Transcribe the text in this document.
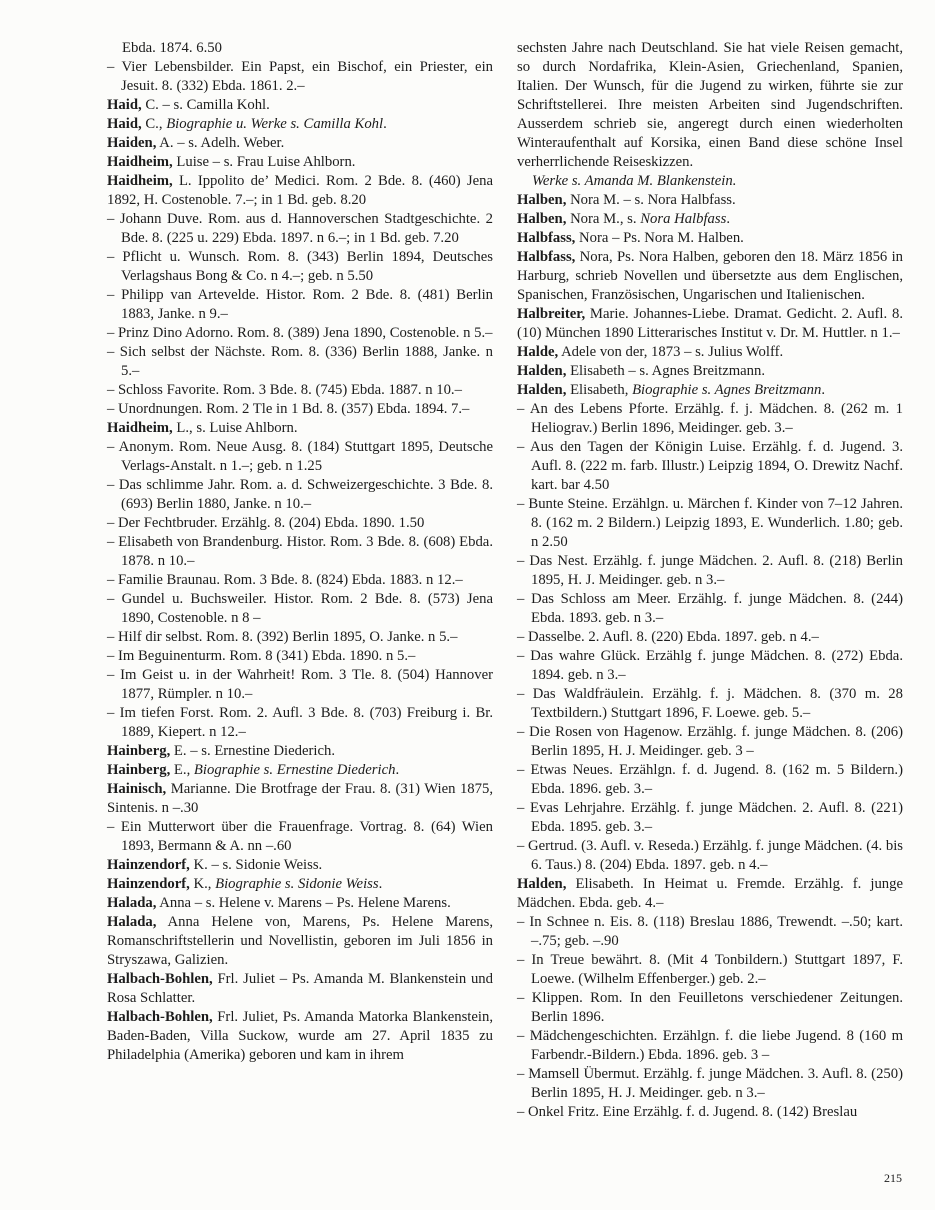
Ebda. 1874. 6.50
– Vier Lebensbilder. Ein Papst, ein Bischof, ein Priester, ein Jesuit. 8. (332) Ebda. 1861. 2.–
Haid, C. – s. Camilla Kohl.
Haid, C., Biographie u. Werke s. Camilla Kohl.
Haiden, A. – s. Adelh. Weber.
Haidheim, Luise – s. Frau Luise Ahlborn.
Haidheim, L. Ippolito de’ Medici. Rom. 2 Bde. 8. (460) Jena 1892, H. Costenoble. 7.–; in 1 Bd. geb. 8.20
– Johann Duve. Rom. aus d. Hannoverschen Stadtgeschichte. 2 Bde. 8. (225 u. 229) Ebda. 1897. n 6.–; in 1 Bd. geb. 7.20
– Pflicht u. Wunsch. Rom. 8. (343) Berlin 1894, Deutsches Verlagshaus Bong & Co. n 4.–; geb. n 5.50
– Philipp van Artevelde. Histor. Rom. 2 Bde. 8. (481) Berlin 1883, Janke. n 9.–
– Prinz Dino Adorno. Rom. 8. (389) Jena 1890, Costenoble. n 5.–
– Sich selbst der Nächste. Rom. 8. (336) Berlin 1888, Janke. n 5.–
– Schloss Favorite. Rom. 3 Bde. 8. (745) Ebda. 1887. n 10.–
– Unordnungen. Rom. 2 Tle in 1 Bd. 8. (357) Ebda. 1894. 7.–
Haidheim, L., s. Luise Ahlborn.
– Anonym. Rom. Neue Ausg. 8. (184) Stuttgart 1895, Deutsche Verlags-Anstalt. n 1.–; geb. n 1.25
– Das schlimme Jahr. Rom. a. d. Schweizergeschichte. 3 Bde. 8. (693) Berlin 1880, Janke. n 10.–
– Der Fechtbruder. Erzählg. 8. (204) Ebda. 1890. 1.50
– Elisabeth von Brandenburg. Histor. Rom. 3 Bde. 8. (608) Ebda. 1878. n 10.–
– Familie Braunau. Rom. 3 Bde. 8. (824) Ebda. 1883. n 12.–
– Gundel u. Buchsweiler. Histor. Rom. 2 Bde. 8. (573) Jena 1890, Costenoble. n 8 –
– Hilf dir selbst. Rom. 8. (392) Berlin 1895, O. Janke. n 5.–
– Im Beguinenturm. Rom. 8 (341) Ebda. 1890. n 5.–
– Im Geist u. in der Wahrheit! Rom. 3 Tle. 8. (504) Hannover 1877, Rümpler. n 10.–
– Im tiefen Forst. Rom. 2. Aufl. 3 Bde. 8. (703) Freiburg i. Br. 1889, Kiepert. n 12.–
Hainberg, E. – s. Ernestine Diederich.
Hainberg, E., Biographie s. Ernestine Diederich.
Hainisch, Marianne. Die Brotfrage der Frau. 8. (31) Wien 1875, Sintenis. n –.30
– Ein Mutterwort über die Frauenfrage. Vortrag. 8. (64) Wien 1893, Bermann & A. nn –.60
Hainzendorf, K. – s. Sidonie Weiss.
Hainzendorf, K., Biographie s. Sidonie Weiss.
Halada, Anna – s. Helene v. Marens – Ps. Helene Marens.
Halada, Anna Helene von, Marens, Ps. Helene Marens, Romanschriftstellerin und Novellistin, geboren im Juli 1856 in Stryszawa, Galizien.
Halbach-Bohlen, Frl. Juliet – Ps. Amanda M. Blankenstein und Rosa Schlatter.
Halbach-Bohlen, Frl. Juliet, Ps. Amanda Matorka Blankenstein, Baden-Baden, Villa Suckow, wurde am 27. April 1835 zu Philadelphia (Amerika) geboren und kam in ihrem
sechsten Jahre nach Deutschland. Sie hat viele Reisen gemacht, so durch Nordafrika, Klein-Asien, Griechenland, Spanien, Italien. Der Wunsch, für die Jugend zu wirken, führte sie zur Schriftstellerei. Ihre meisten Arbeiten sind Jugendschriften. Ausserdem schrieb sie, angeregt durch einen wiederholten Winteraufenthalt auf Korsika, einen Band diese schöne Insel verherrlichende Reiseskizzen.
Werke s. Amanda M. Blankenstein.
Halben, Nora M. – s. Nora Halbfass.
Halben, Nora M., s. Nora Halbfass.
Halbfass, Nora – Ps. Nora M. Halben.
Halbfass, Nora, Ps. Nora Halben, geboren den 18. März 1856 in Harburg, schrieb Novellen und übersetzte aus dem Englischen, Spanischen, Französischen, Ungarischen und Italienischen.
Halbreiter, Marie. Johannes-Liebe. Dramat. Gedicht. 2. Aufl. 8. (10) München 1890 Litterarisches Institut v. Dr. M. Huttler. n 1.–
Halde, Adele von der, 1873 – s. Julius Wolff.
Halden, Elisabeth – s. Agnes Breitzmann.
Halden, Elisabeth, Biographie s. Agnes Breitzmann.
– An des Lebens Pforte. Erzählg. f. j. Mädchen. 8. (262 m. 1 Heliograv.) Berlin 1896, Meidinger. geb. 3.–
– Aus den Tagen der Königin Luise. Erzählg. f. d. Jugend. 3. Aufl. 8. (222 m. farb. Illustr.) Leipzig 1894, O. Drewitz Nachf. kart. bar 4.50
– Bunte Steine. Erzählgn. u. Märchen f. Kinder von 7–12 Jahren. 8. (162 m. 2 Bildern.) Leipzig 1893, E. Wunderlich. 1.80; geb. n 2.50
– Das Nest. Erzählg. f. junge Mädchen. 2. Aufl. 8. (218) Berlin 1895, H. J. Meidinger. geb. n 3.–
– Das Schloss am Meer. Erzählg. f. junge Mädchen. 8. (244) Ebda. 1893. geb. n 3.–
– Dasselbe. 2. Aufl. 8. (220) Ebda. 1897. geb. n 4.–
– Das wahre Glück. Erzählg f. junge Mädchen. 8. (272) Ebda. 1894. geb. n 3.–
– Das Waldfräulein. Erzählg. f. j. Mädchen. 8. (370 m. 28 Textbildern.) Stuttgart 1896, F. Loewe. geb. 5.–
– Die Rosen von Hagenow. Erzählg. f. junge Mädchen. 8. (206) Berlin 1895, H. J. Meidinger. geb. 3 –
– Etwas Neues. Erzählgn. f. d. Jugend. 8. (162 m. 5 Bildern.) Ebda. 1896. geb. 3.–
– Evas Lehrjahre. Erzählg. f. junge Mädchen. 2. Aufl. 8. (221) Ebda. 1895. geb. 3.–
– Gertrud. (3. Aufl. v. Reseda.) Erzählg. f. junge Mädchen. (4. bis 6. Taus.) 8. (204) Ebda. 1897. geb. n 4.–
Halden, Elisabeth. In Heimat u. Fremde. Erzählg. f. junge Mädchen. Ebda. geb. 4.–
– In Schnee n. Eis. 8. (118) Breslau 1886, Trewendt. –.50; kart. –.75; geb. –.90
– In Treue bewährt. 8. (Mit 4 Tonbildern.) Stuttgart 1897, F. Loewe. (Wilhelm Effenberger.) geb. 2.–
– Klippen. Rom. In den Feuilletons verschiedener Zeitungen. Berlin 1896.
– Mädchengeschichten. Erzählgn. f. die liebe Jugend. 8 (160 m Farbendr.-Bildern.) Ebda. 1896. geb. 3 –
– Mamsell Übermut. Erzählg. f. junge Mädchen. 3. Aufl. 8. (250) Berlin 1895, H. J. Meidinger. geb. n 3.–
– Onkel Fritz. Eine Erzählg. f. d. Jugend. 8. (142) Breslau
215
